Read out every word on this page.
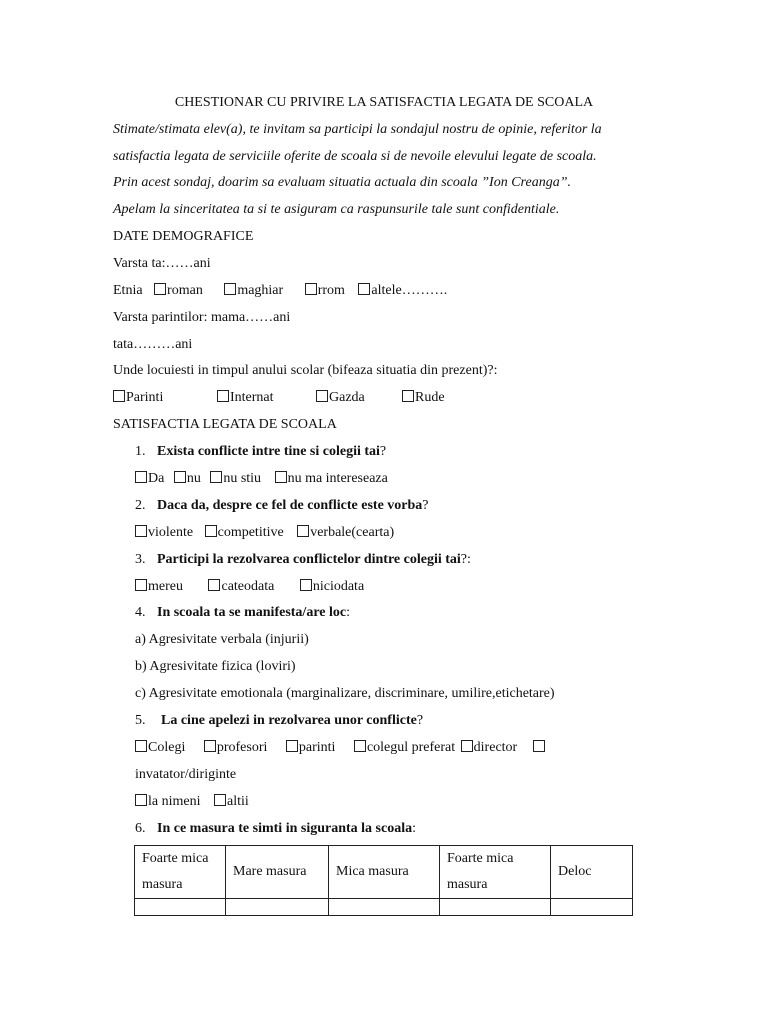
CHESTIONAR CU PRIVIRE LA SATISFACTIA LEGATA DE SCOALA
Stimate/stimata elev(a), te invitam sa participi la sondajul nostru de opinie, referitor la
satisfactia legata de serviciile oferite de scoala si de nevoile elevului legate de scoala.
Prin acest sondaj, doarim sa evaluam situatia actuala din scoala ”Ion Creanga”.
Apelam la sinceritatea ta si te asiguram ca raspunsurile tale sunt confidentiale.
DATE DEMOGRAFICE
Varsta ta:……ani
Etnia roman maghiar rrom altele……….
Varsta parintilor: mama……ani
tata………ani
Unde locuiesti in timpul anului scolar (bifeaza situatia din prezent)?:
Parinti	Internat	Gazda	Rude
SATISFACTIA LEGATA DE SCOALA
1. Exista conflicte intre tine si colegii tai?
Da nu nu stiu nu ma intereseaza
2. Daca da, despre ce fel de conflicte este vorba?
violente competitive verbale(cearta)
3. Participi la rezolvarea conflictelor dintre colegii tai?:
mereu	cateodata	niciodata
4. In scoala ta se manifesta/are loc:
a) Agresivitate verbala (injurii)
b) Agresivitate fizica (loviri)
c) Agresivitate emotionala (marginalizare, discriminare, umilire,etichetare)
5. La cine apelezi in rezolvarea unor conflicte?
Colegi profesori parinti colegul preferat director
invatator/diriginte
la nimeni altii
6. In ce masura te simti in siguranta la scoala:
Foarte mica masura	Mare masura	Mica masura	Foarte mica masura	Deloc
